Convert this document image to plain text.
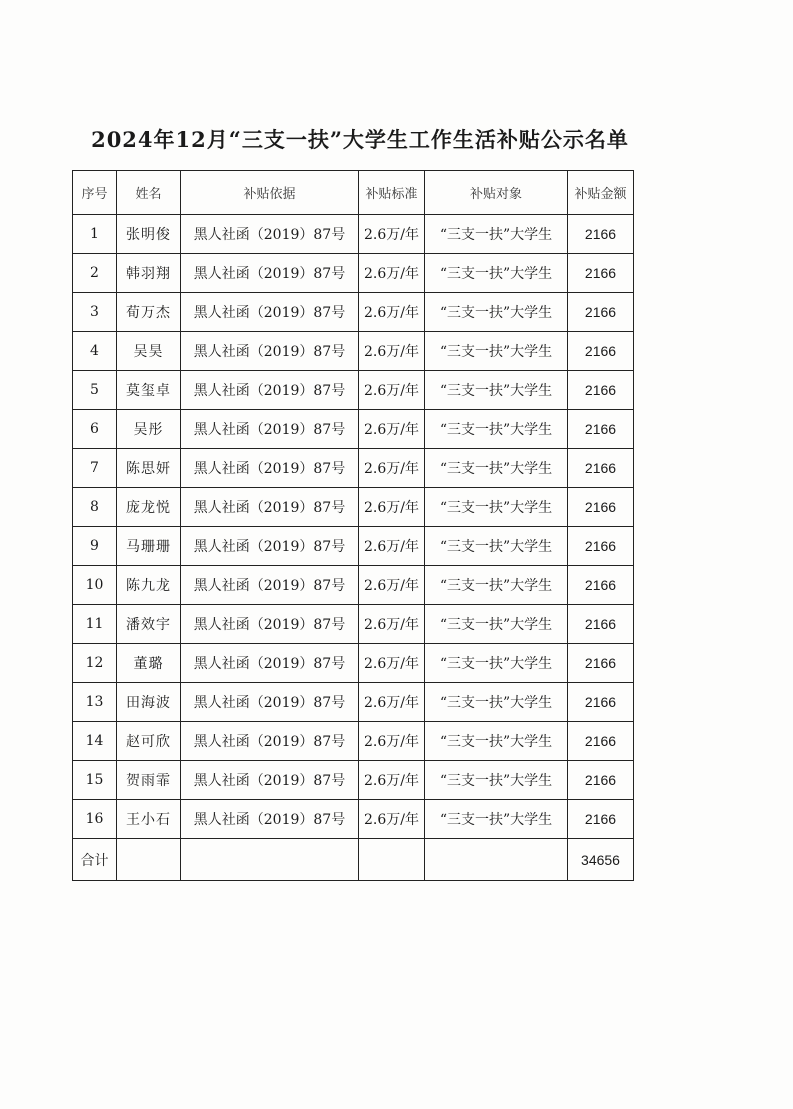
2024年12月“三支一扶”大学生工作生活补贴公示名单
序号	姓名	补贴依据	补贴标准	补贴对象	补贴金额
1	张明俊	黑人社函（2019）87号	2.6万/年	“三支一扶”大学生	2166
2	韩羽翔	黑人社函（2019）87号	2.6万/年	“三支一扶”大学生	2166
3	荀万杰	黑人社函（2019）87号	2.6万/年	“三支一扶”大学生	2166
4	吴昊	黑人社函（2019）87号	2.6万/年	“三支一扶”大学生	2166
5	莫玺卓	黑人社函（2019）87号	2.6万/年	“三支一扶”大学生	2166
6	吴彤	黑人社函（2019）87号	2.6万/年	“三支一扶”大学生	2166
7	陈思妍	黑人社函（2019）87号	2.6万/年	“三支一扶”大学生	2166
8	庞龙悦	黑人社函（2019）87号	2.6万/年	“三支一扶”大学生	2166
9	马珊珊	黑人社函（2019）87号	2.6万/年	“三支一扶”大学生	2166
10	陈九龙	黑人社函（2019）87号	2.6万/年	“三支一扶”大学生	2166
11	潘效宇	黑人社函（2019）87号	2.6万/年	“三支一扶”大学生	2166
12	董璐	黑人社函（2019）87号	2.6万/年	“三支一扶”大学生	2166
13	田海波	黑人社函（2019）87号	2.6万/年	“三支一扶”大学生	2166
14	赵可欣	黑人社函（2019）87号	2.6万/年	“三支一扶”大学生	2166
15	贺雨霏	黑人社函（2019）87号	2.6万/年	“三支一扶”大学生	2166
16	王小石	黑人社函（2019）87号	2.6万/年	“三支一扶”大学生	2166
合计					34656
